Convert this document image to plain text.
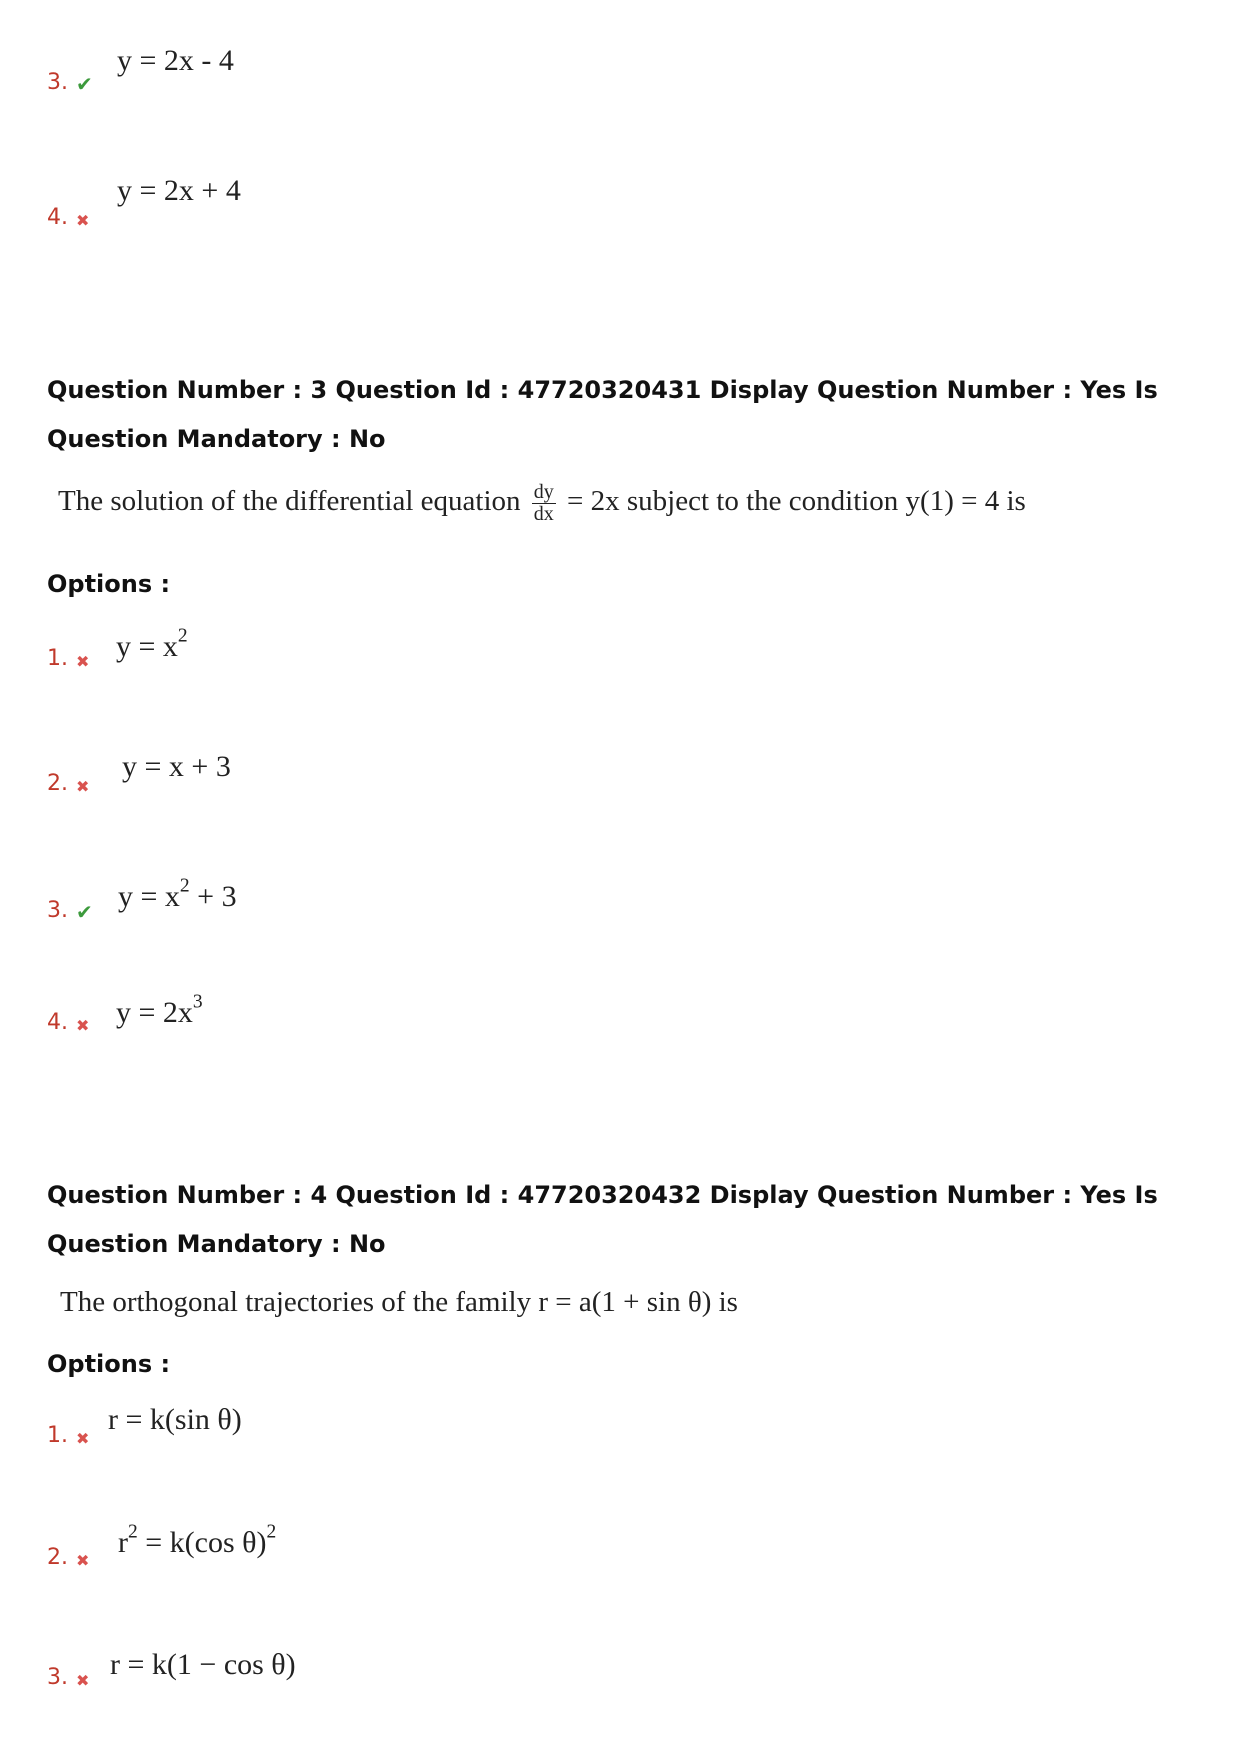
3. ✔
y = 2x - 4
4. ✖
y = 2x + 4
Question Number : 3 Question Id : 47720320431 Display Question Number : Yes Is Question Mandatory : No
The solution of the differential equation $\frac{dy}{dx} = 2x$ subject to the condition y(1) = 4 is
Options :
1. ✖ $y = x^2$
2. ✖
y = x + 3
3. ✔ $y = x^2 + 3$
4. ✖ $y = 2x^3$
Question Number : 4 Question Id : 47720320432 Display Question Number : Yes Is Question Mandatory : No
The orthogonal trajectories of the family r = a(1 + sin θ) is
Options :
1. ✖
r = k(sin θ)
2. ✖
$r^2 = k(\cos$ θ)$^2$
3. ✖ r = k(1 − cos θ)
